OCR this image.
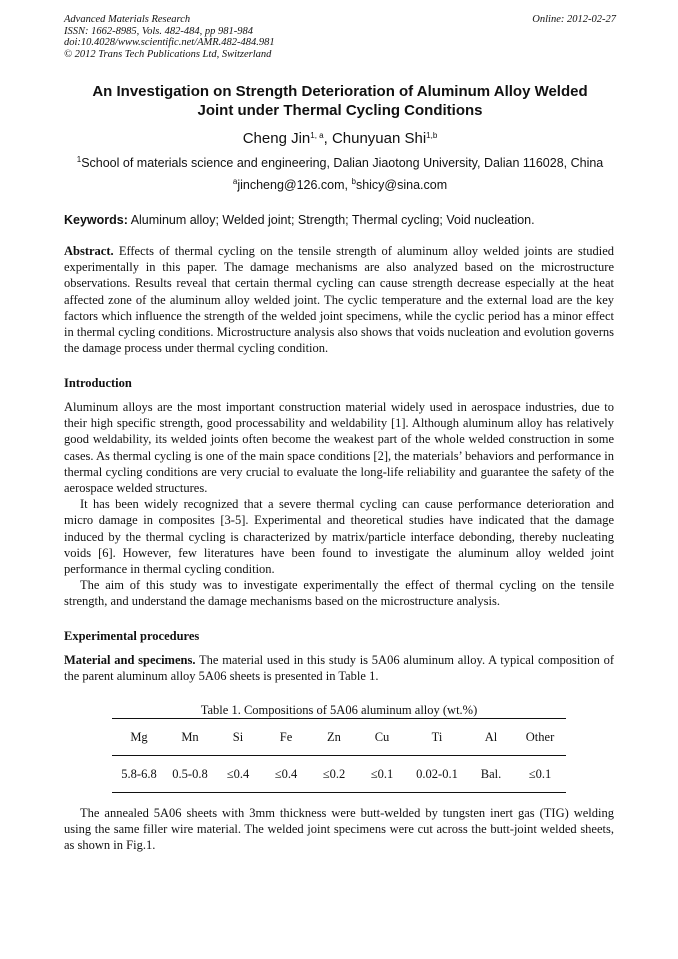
Advanced Materials Research
ISSN: 1662-8985, Vols. 482-484, pp 981-984
doi:10.4028/www.scientific.net/AMR.482-484.981
© 2012 Trans Tech Publications Ltd, Switzerland
Online: 2012-02-27
An Investigation on Strength Deterioration of Aluminum Alloy Welded
Joint under Thermal Cycling Conditions
Cheng Jin$^{1, a}$, Chunyuan Shi$^{1,b}$
$^1$School of materials science and engineering, Dalian Jiaotong University, Dalian 116028, China
$^a$jincheng@126.com, $^b$shicy@sina.com
Keywords: Aluminum alloy; Welded joint; Strength; Thermal cycling; Void nucleation.
Abstract. Effects of thermal cycling on the tensile strength of aluminum alloy welded joints are studied experimentally in this paper. The damage mechanisms are also analyzed based on the microstructure observations. Results reveal that certain thermal cycling can cause strength decrease especially at the heat affected zone of the aluminum alloy welded joint. The cyclic temperature and the external load are the key factors which influence the strength of the welded joint specimens, while the cyclic period has a minor effect in thermal cycling conditions. Microstructure analysis also shows that voids nucleation and evolution governs the damage process under thermal cycling condition.
Introduction
Aluminum alloys are the most important construction material widely used in aerospace industries, due to their high specific strength, good processability and weldability [1]. Although aluminum alloy has relatively good weldability, its welded joints often become the weakest part of the whole welded construction in some cases. As thermal cycling is one of the main space conditions [2], the materials’ behaviors and performance in thermal cycling conditions are very crucial to evaluate the long-life reliability and guarantee the safety of the aerospace welded structures.
It has been widely recognized that a severe thermal cycling can cause performance deterioration and micro damage in composites [3-5]. Experimental and theoretical studies have indicated that the damage induced by the thermal cycling is characterized by matrix/particle interface debonding, thereby nucleating voids [6]. However, few literatures have been found to investigate the aluminum alloy welded joint performance in thermal cycling condition.
The aim of this study was to investigate experimentally the effect of thermal cycling on the tensile strength, and understand the damage mechanisms based on the microstructure analysis.
Experimental procedures
Material and specimens. The material used in this study is 5A06 aluminum alloy. A typical composition of the parent aluminum alloy 5A06 sheets is presented in Table 1.
Table 1. Compositions of 5A06 aluminum alloy (wt.%)
Mg	Mn	Si	Fe	Zn	Cu	Ti	Al	Other
5.8-6.8	0.5-0.8	≤0.4	≤0.4	≤0.2	≤0.1	0.02-0.1	Bal.	≤0.1
The annealed 5A06 sheets with 3mm thickness were butt-welded by tungsten inert gas (TIG) welding using the same filler wire material. The welded joint specimens were cut across the butt-joint welded sheets, as shown in Fig.1.
